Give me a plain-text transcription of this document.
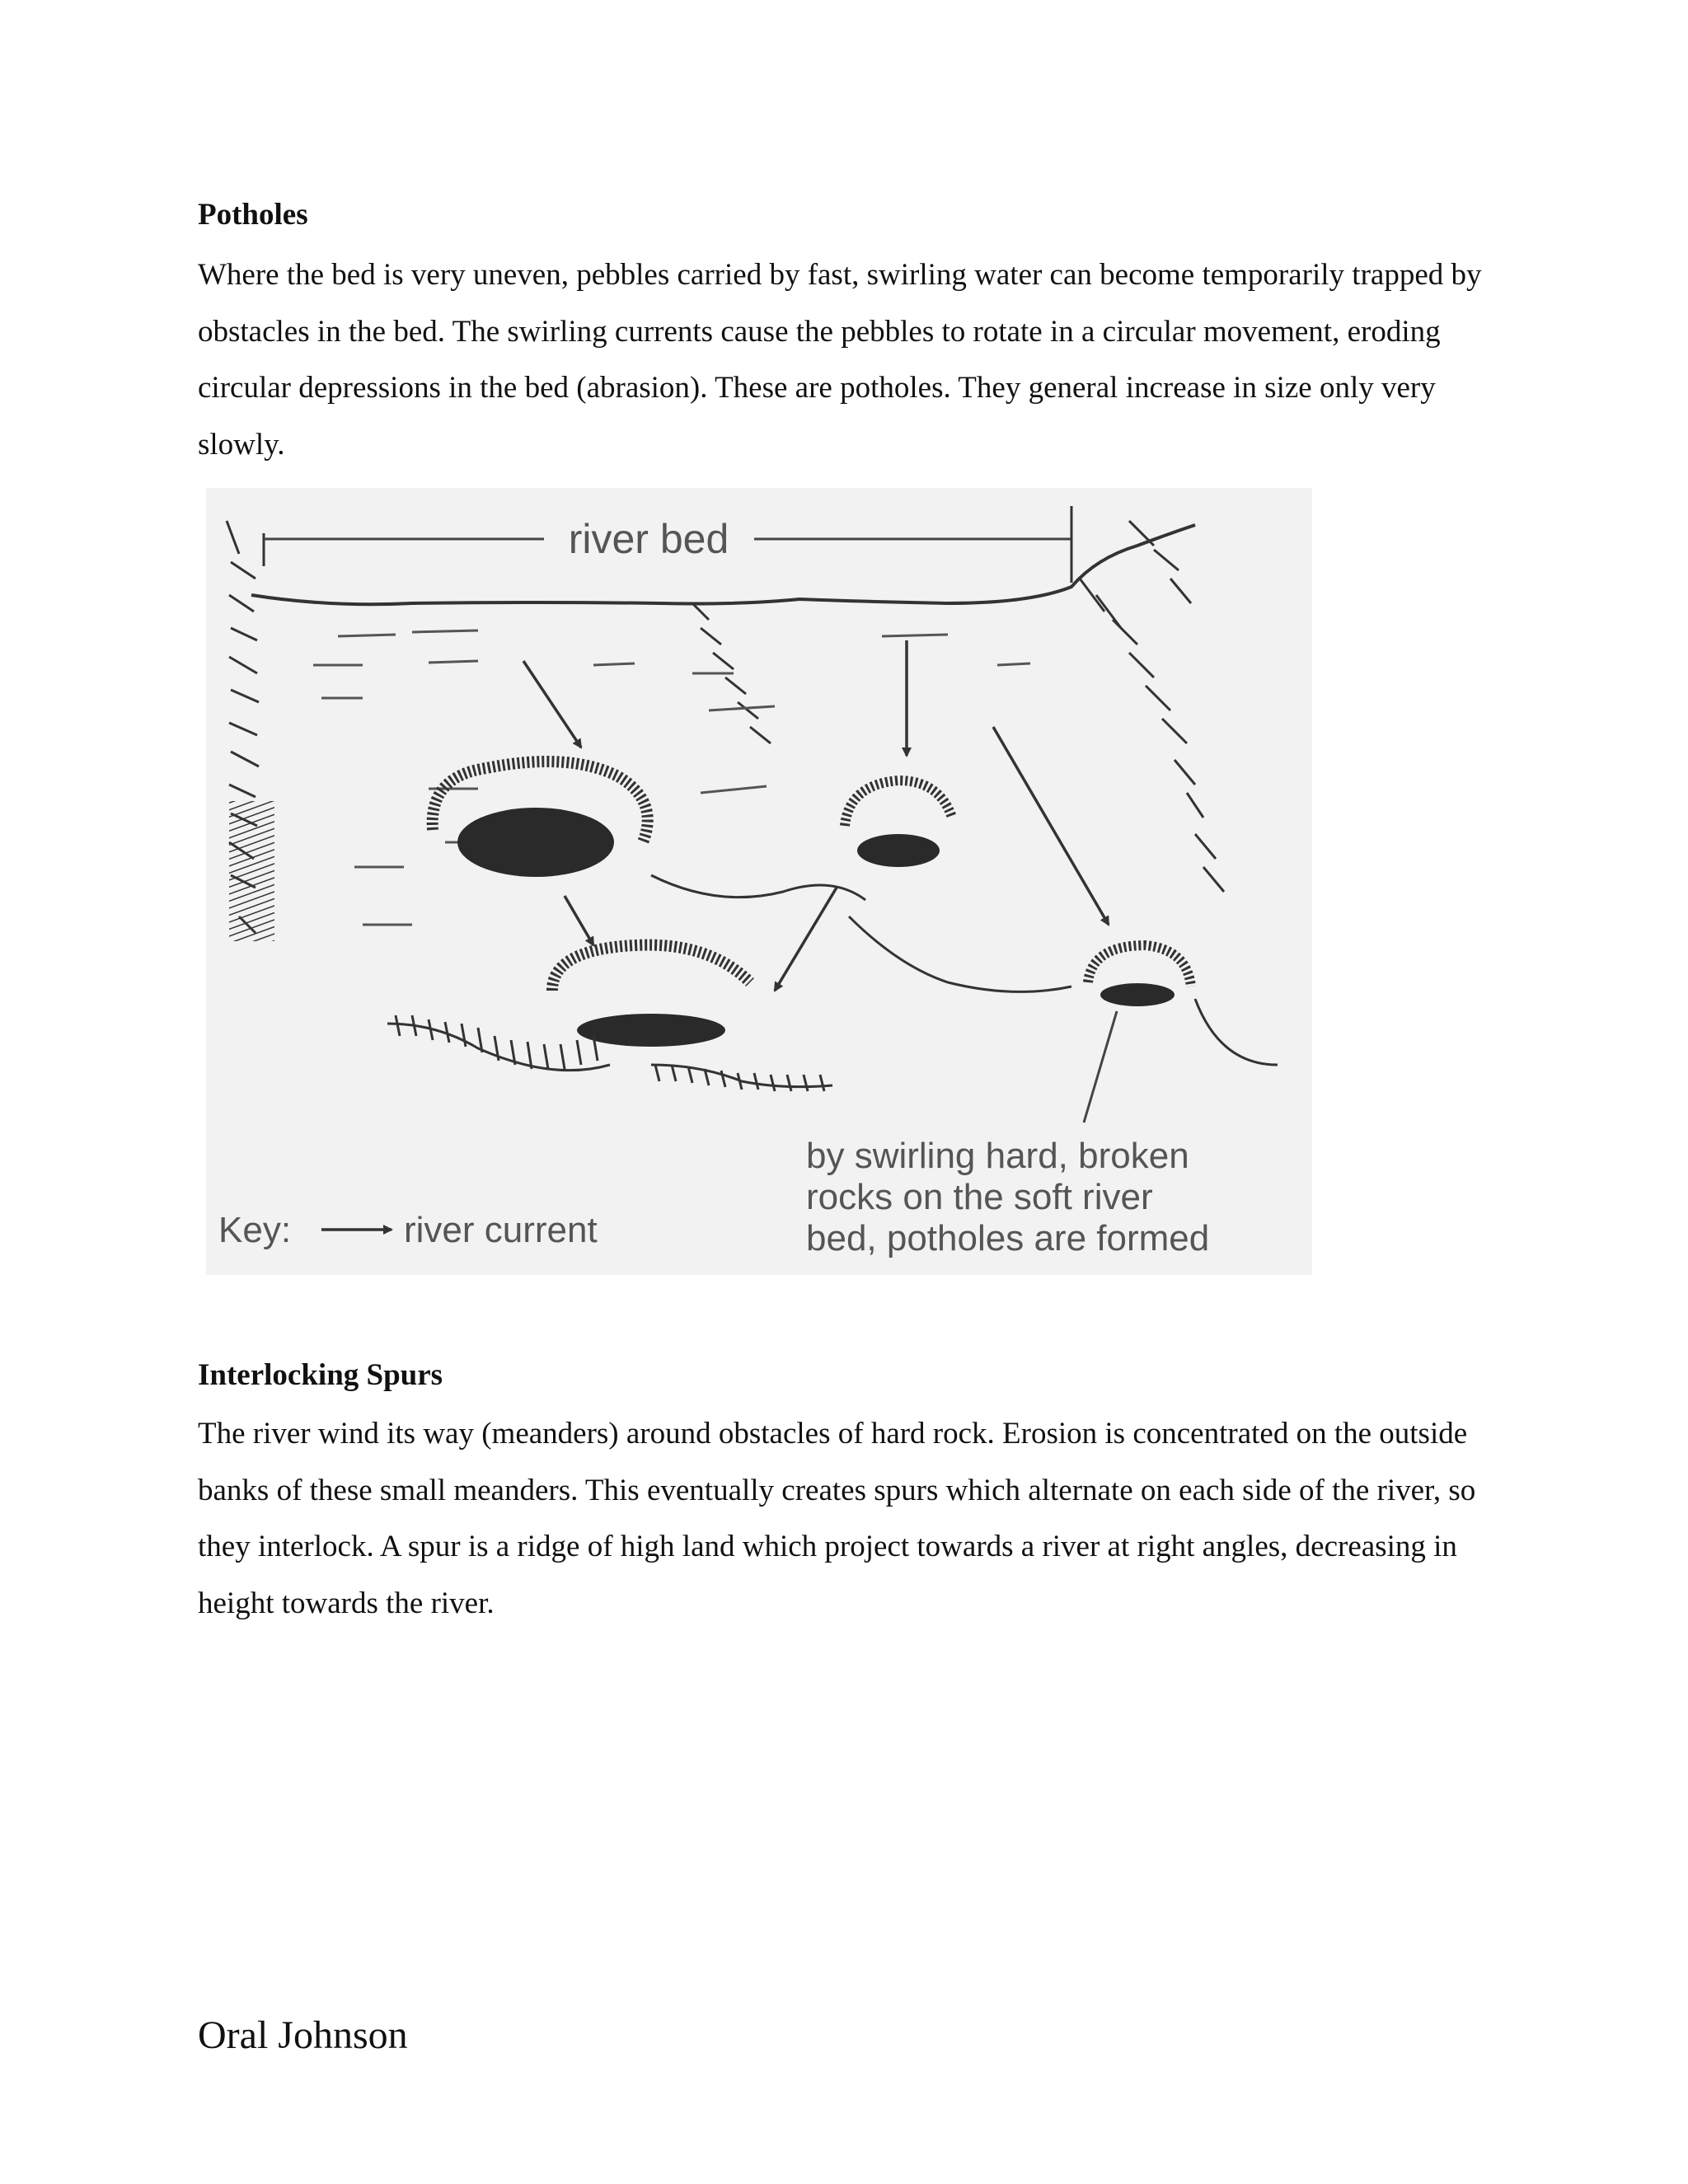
Potholes

Where the bed is very uneven, pebbles carried by fast, swirling water can become temporarily trapped by obstacles in the bed. The swirling currents cause the pebbles to rotate in a circular movement, eroding circular depressions in the bed (abrasion). These are potholes. They general increase in size only very slowly.

river bed
by swirling hard, broken
rocks on the soft river
bed, potholes are formed
Key:	river current
Interlocking Spurs

The river wind its way (meanders) around obstacles of hard rock. Erosion is concentrated on the outside banks of these small meanders. This eventually creates spurs which alternate on each side of the river, so they interlock. A spur is a ridge of high land which project towards a river at right angles, decreasing in height towards the river.

Oral Johnson
